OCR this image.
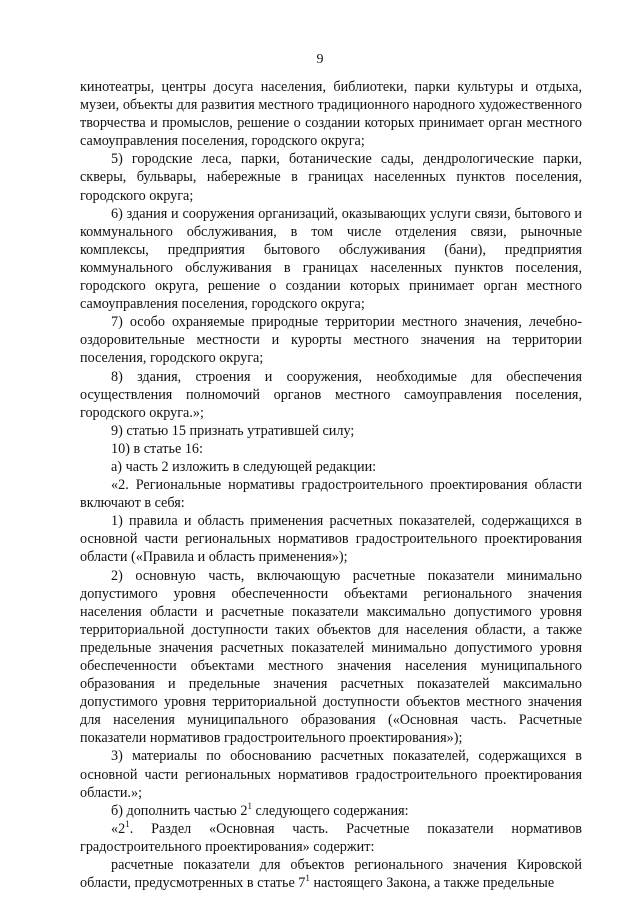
9

кинотеатры, центры досуга населения, библиотеки, парки культуры и отдыха, музеи, объекты для развития местного традиционного народного художественного творчества и промыслов, решение о создании которых принимает орган местного самоуправления поселения, городского округа;

5) городские леса, парки, ботанические сады, дендрологические парки, скверы, бульвары, набережные в границах населенных пунктов поселения, городского округа;

6) здания и сооружения организаций, оказывающих услуги связи, бытового и коммунального обслуживания, в том числе отделения связи, рыночные комплексы, предприятия бытового обслуживания (бани), предприятия коммунального обслуживания в границах населенных пунктов поселения, городского округа, решение о создании которых принимает орган местного самоуправления поселения, городского округа;

7) особо охраняемые природные территории местного значения, лечебно-оздоровительные местности и курорты местного значения на территории поселения, городского округа;

8) здания, строения и сооружения, необходимые для обеспечения осуществления полномочий органов местного самоуправления поселения, городского округа.»;

9) статью 15 признать утратившей силу;

10) в статье 16:

а) часть 2 изложить в следующей редакции:

«2. Региональные нормативы градостроительного проектирования области включают в себя:

1) правила и область применения расчетных показателей, содержащихся в основной части региональных нормативов градостроительного проектирования области («Правила и область применения»);

2) основную часть, включающую расчетные показатели минимально допустимого уровня обеспеченности объектами регионального значения населения области и расчетные показатели максимально допустимого уровня территориальной доступности таких объектов для населения области, а также предельные значения расчетных показателей минимально допустимого уровня обеспеченности объектами местного значения населения муниципального образования и предельные значения расчетных показателей максимально допустимого уровня территориальной доступности объектов местного значения для населения муниципального образования («Основная часть. Расчетные показатели нормативов градостроительного проектирования»);

3) материалы по обоснованию расчетных показателей, содержащихся в основной части региональных нормативов градостроительного проектирования области.»;

б) дополнить частью $2^1$ следующего содержания:

«$2^1$. Раздел «Основная часть. Расчетные показатели нормативов градостроительного проектирования» содержит:

расчетные показатели для объектов регионального значения Кировской области, предусмотренных в статье $7^1$ настоящего Закона, а также предельные
